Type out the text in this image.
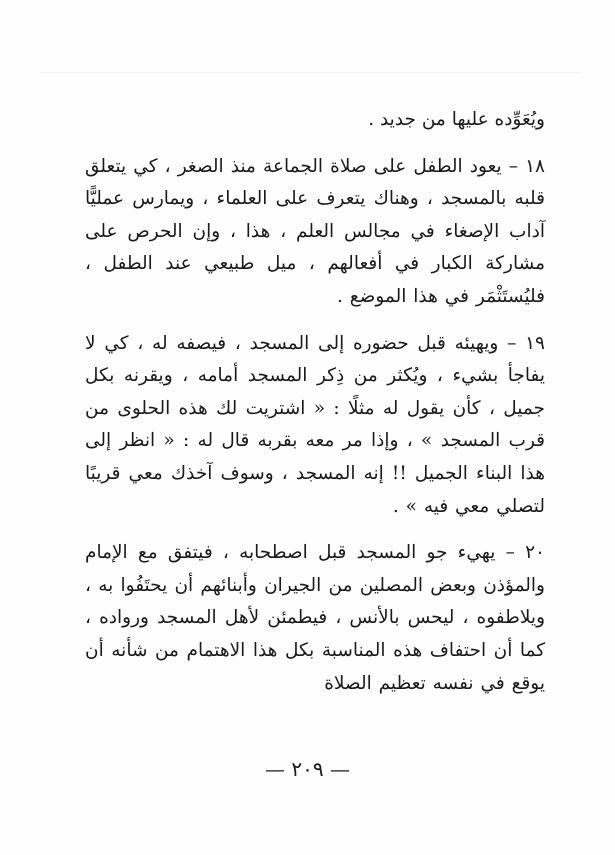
ويُعَوِّده عليها من جديد .

١٨ – يعود الطفل على صلاة الجماعة منذ الصغر ، كي يتعلق قلبه بالمسجد ، وهناك يتعرف على العلماء ، ويمارس عمليًّا آداب الإصغاء في مجالس العلم ، هذا ، وإن الحرص على مشاركة الكبار في أفعالهم ، ميل طبيعي عند الطفل ، فليُستَثْمَر في هذا الموضع .

١٩ – ويهيئه قبل حضوره إلى المسجد ، فيصفه له ، كي لا يفاجأ بشيء ، ويُكثر من ذِكر المسجد أمامه ، ويقرنه بكل جميل ، كأن يقول له مثلًا : « اشتريت لك هذه الحلوى من قرب المسجد » ، وإذا مر معه بقربه قال له : « انظر إلى هذا البناء الجميل !! إنه المسجد ، وسوف آخذك معي قريبًا لتصلي معي فيه » .

٢٠ – يهيء جو المسجد قبل اصطحابه ، فيتفق مع الإمام والمؤذن وبعض المصلين من الجيران وأبنائهم أن يحتَفُوا به ، ويلاطفوه ، ليحس بالأنس ، فيطمئن لأهل المسجد ورواده ، كما أن احتفاف هذه المناسبة بكل هذا الاهتمام من شأنه أن يوقع في نفسه تعظيم الصلاة

— ٢٠٩ —
